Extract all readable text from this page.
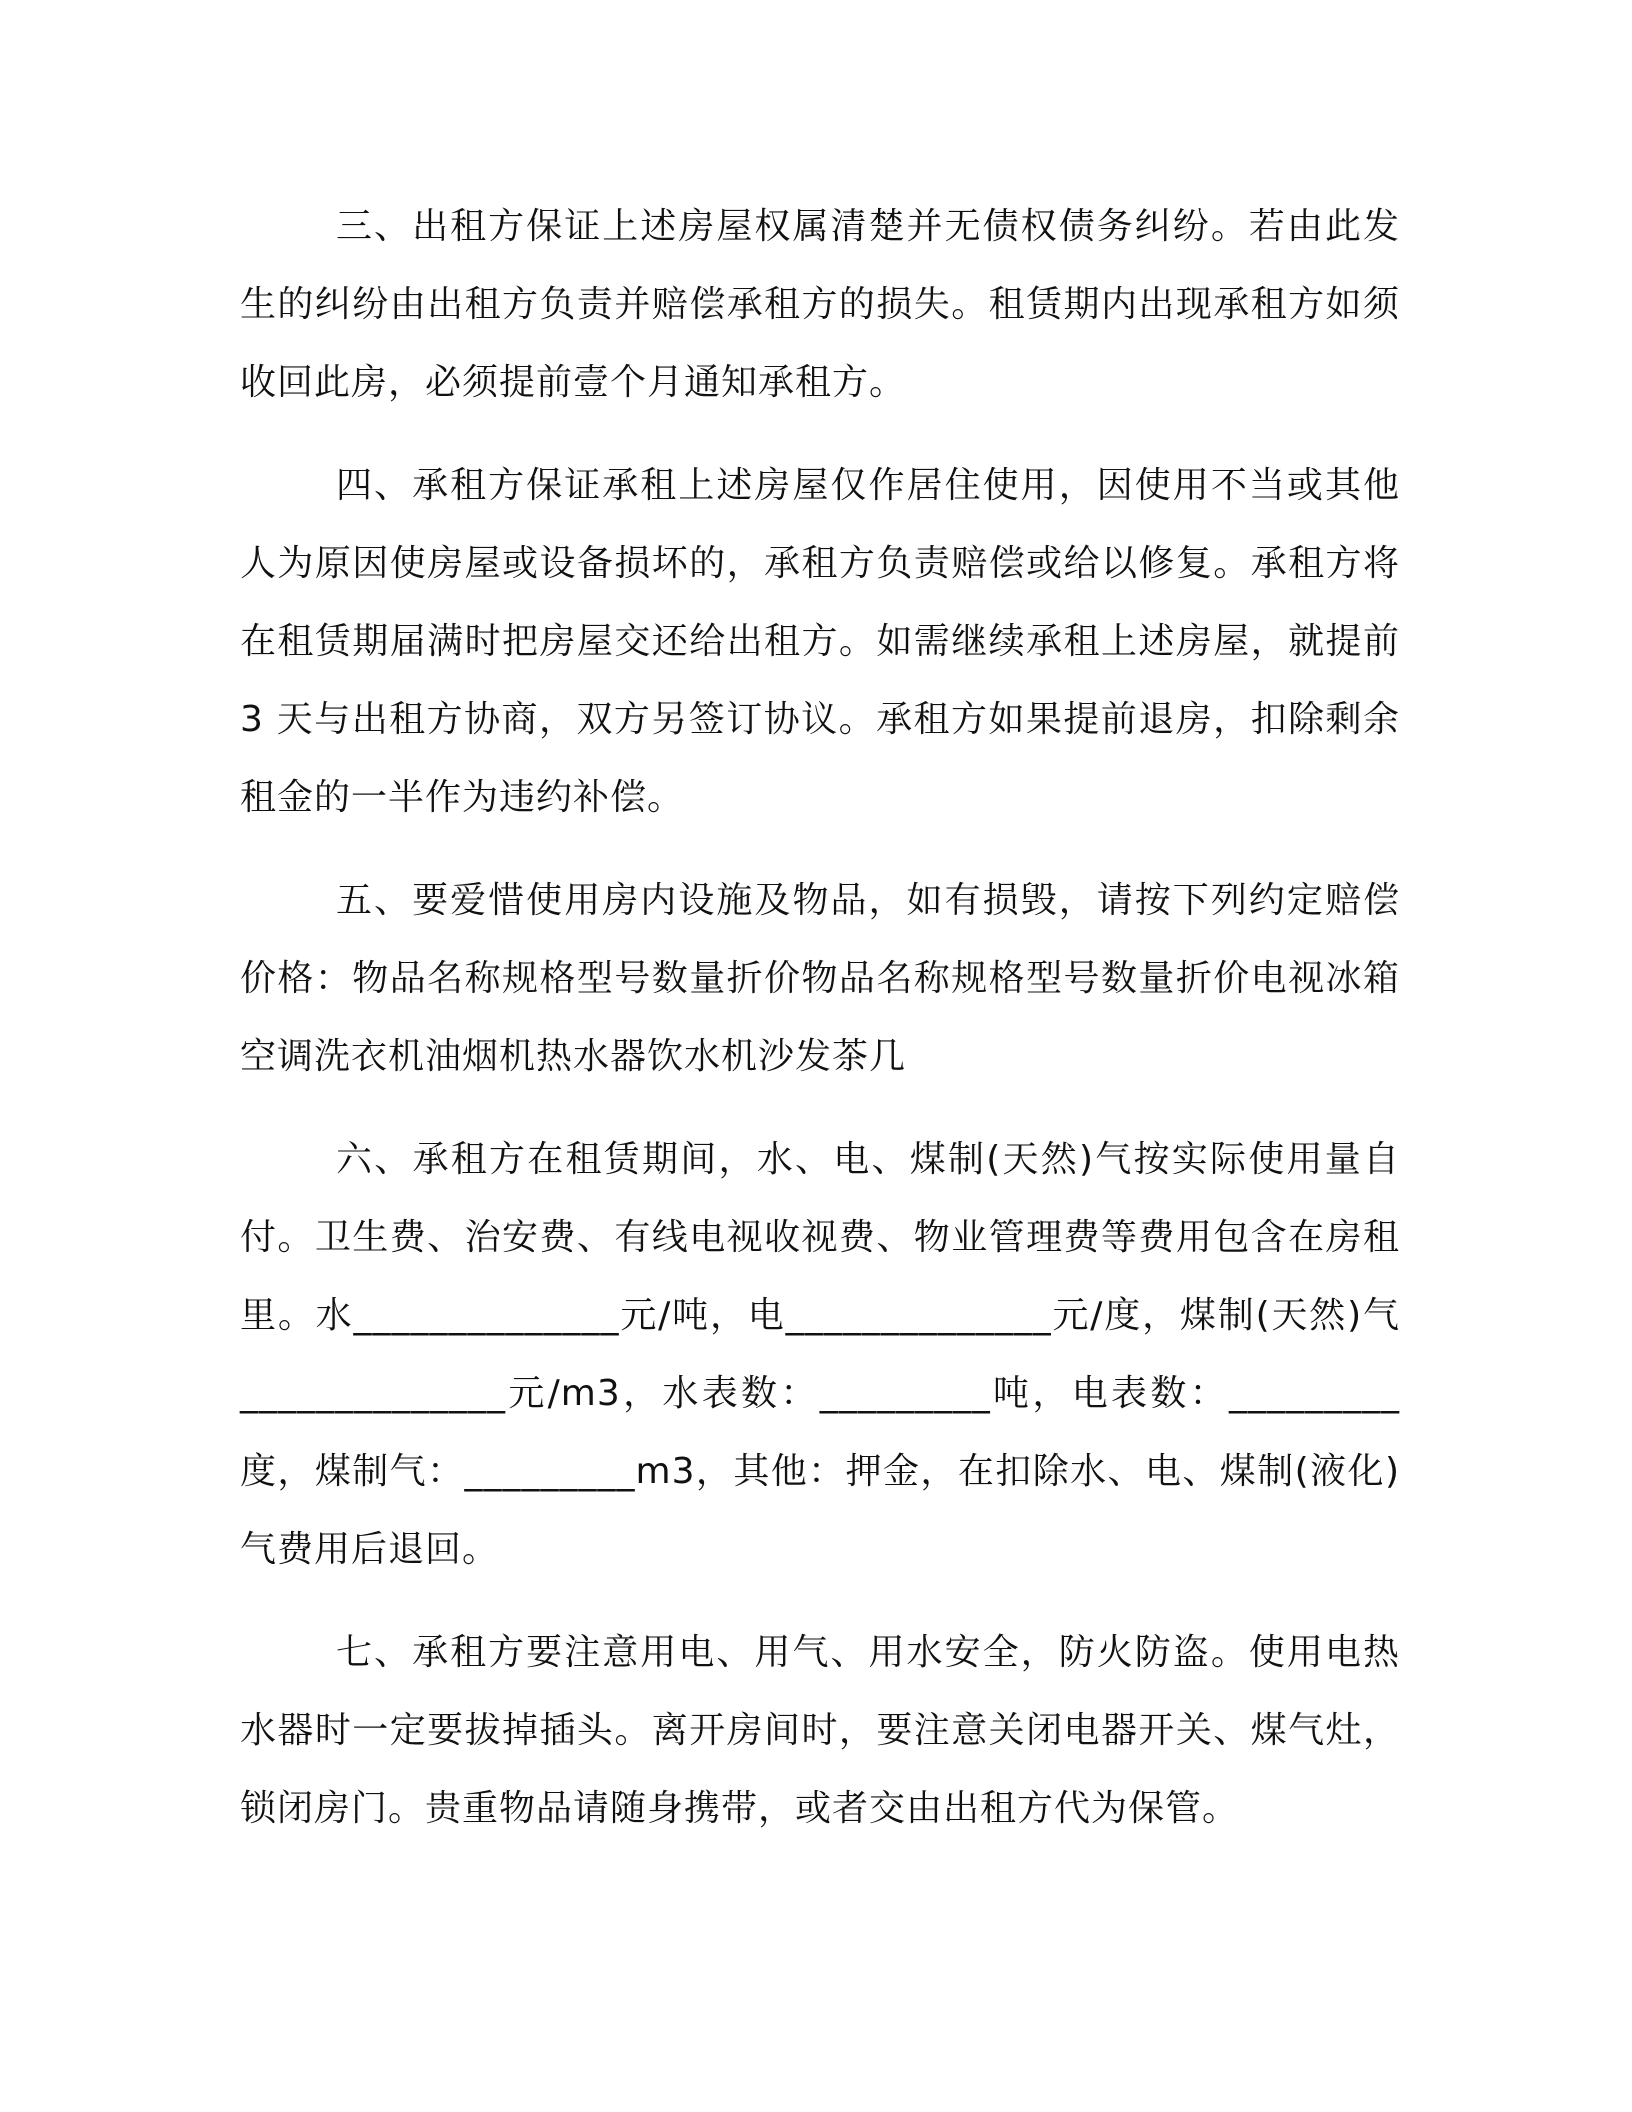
三、出租方保证上述房屋权属清楚并无债权债务纠纷。若由此发生的纠纷由出租方负责并赔偿承租方的损失。租赁期内出现承租方如须收回此房，必须提前壹个月通知承租方。

四、承租方保证承租上述房屋仅作居住使用，因使用不当或其他人为原因使房屋或设备损坏的，承租方负责赔偿或给以修复。承租方将在租赁期届满时把房屋交还给出租方。如需继续承租上述房屋，就提前 3 天与出租方协商，双方另签订协议。承租方如果提前退房，扣除剩余租金的一半作为违约补偿。

五、要爱惜使用房内设施及物品，如有损毁，请按下列约定赔偿价格：物品名称规格型号数量折价物品名称规格型号数量折价电视冰箱空调洗衣机油烟机热水器饮水机沙发茶几

六、承租方在租赁期间，水、电、煤制(天然)气按实际使用量自付。卫生费、治安费、有线电视收视费、物业管理费等费用包含在房租里。水______________元/吨，电______________元/度，煤制(天然)气______________元/m3，水表数：_________吨，电表数：_________度，煤制气：_________m3，其他：押金，在扣除水、电、煤制(液化)气费用后退回。

七、承租方要注意用电、用气、用水安全，防火防盗。使用电热水器时一定要拔掉插头。离开房间时，要注意关闭电器开关、煤气灶，锁闭房门。贵重物品请随身携带，或者交由出租方代为保管。
